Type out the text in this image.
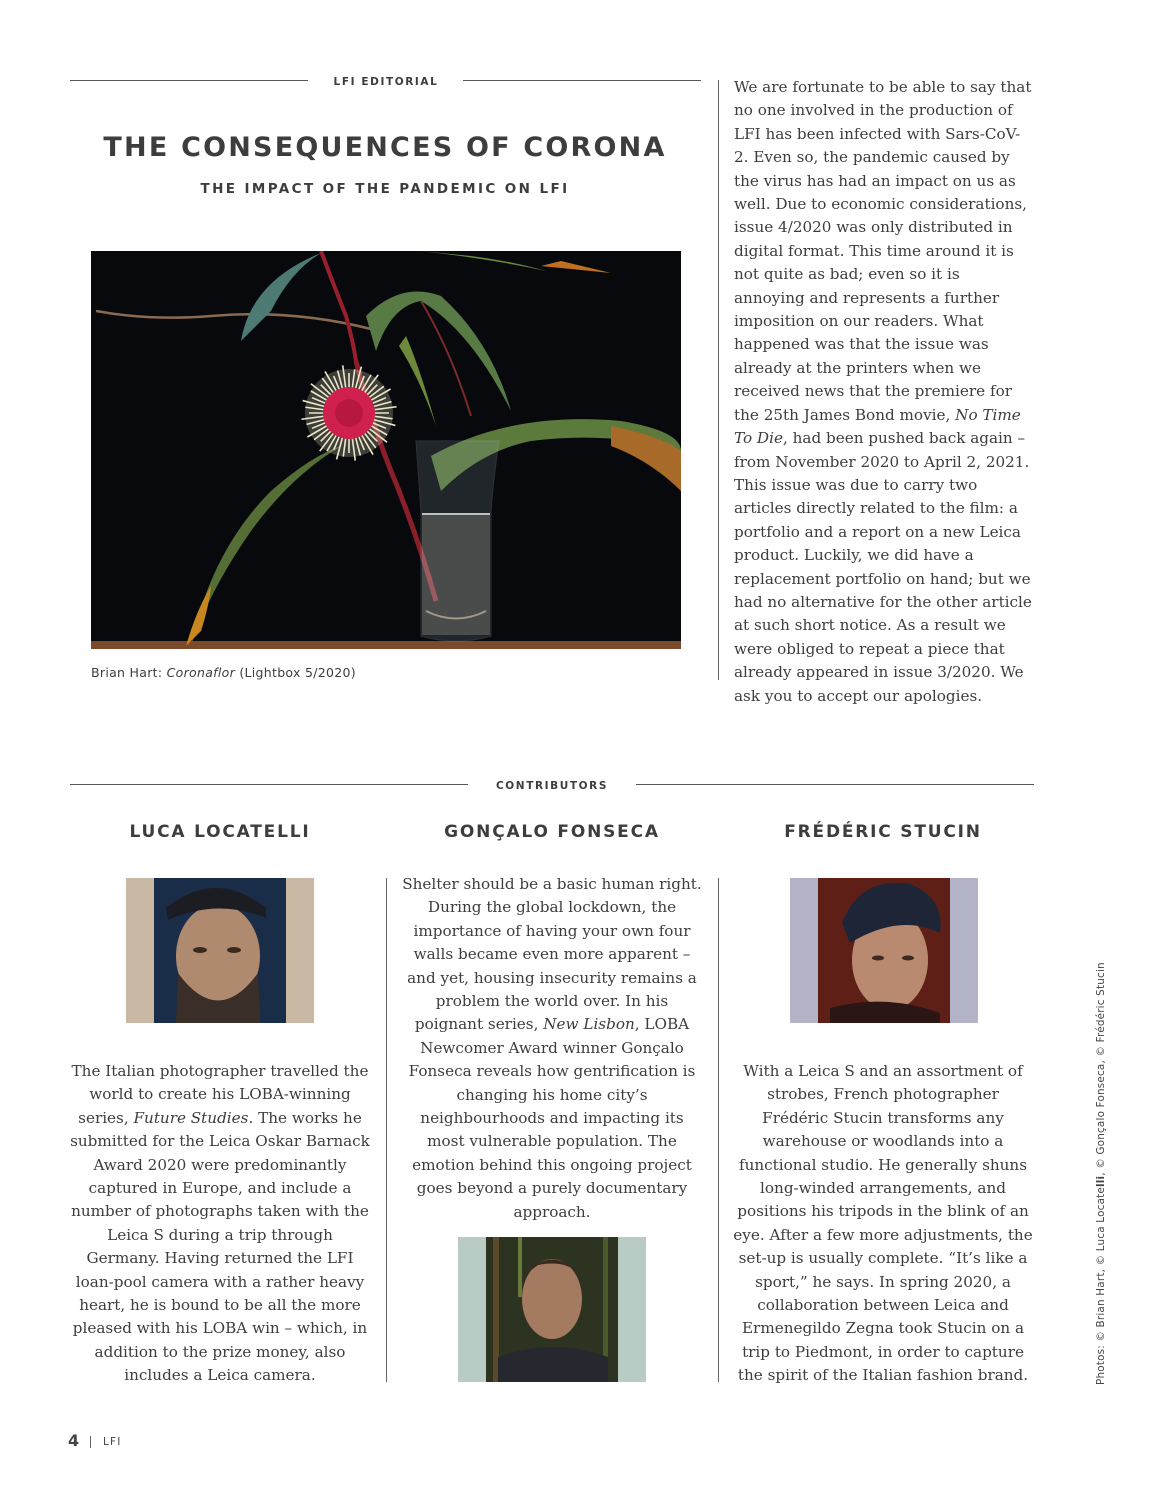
LFI EDITORIAL
THE CONSEQUENCES OF CORONA
THE IMPACT OF THE PANDEMIC ON LFI
Brian Hart: Coronaflor (Lightbox 5/2020)

We are fortunate to be able to say that no one involved in the production of LFI has been infected with Sars-CoV-2. Even so, the pandemic caused by the virus has had an impact on us as well. Due to economic considerations, issue 4/2020 was only distributed in digital format. This time around it is not quite as bad; even so it is annoying and represents a further imposition on our readers. What happened was that the issue was already at the printers when we received news that the premiere for the 25th James Bond movie, No Time To Die, had been pushed back again – from November 2020 to April 2, 2021. This issue was due to carry two articles directly related to the film: a portfolio and a report on a new Leica product. Luckily, we did have a replacement portfolio on hand; but we had no alternative for the other article at such short notice. As a result we were obliged to repeat a piece that already appeared in issue 3/2020. We ask you to accept our apologies.

CONTRIBUTORS
LUCA LOCATELLI	GONÇALO FONSECA	FRÉDÉRIC STUCIN

The Italian photographer travelled the world to create his LOBA-winning series, Future Studies. The works he submitted for the Leica Oskar Barnack Award 2020 were predominantly captured in Europe, and include a number of photographs taken with the Leica S during a trip through Germany. Having returned the LFI loan-pool camera with a rather heavy heart, he is bound to be all the more pleased with his LOBA win – which, in addition to the prize money, also includes a Leica camera.

Shelter should be a basic human right. During the global lockdown, the importance of having your own four walls became even more apparent – and yet, housing insecurity remains a problem the world over. In his poignant series, New Lisbon, LOBA Newcomer Award winner Gonçalo Fonseca reveals how gentrification is changing his home city’s neighbourhoods and impacting its most vulnerable population. The emotion behind this ongoing project goes beyond a purely documentary approach.

With a Leica S and an assortment of strobes, French photographer Frédéric Stucin transforms any warehouse or woodlands into a functional studio. He generally shuns long-winded arrangements, and positions his tripods in the blink of an eye. After a few more adjustments, the set-up is usually complete. “It’s like a sport,” he says. In spring 2020, a collaboration between Leica and Ermenegildo Zegna took Stucin on a trip to Piedmont, in order to capture the spirit of the Italian fashion brand.	Photos: © Brian Hart, © Luca Locatelli, © Gonçalo Fonseca, © Frédéric Stucin
4 LFI
